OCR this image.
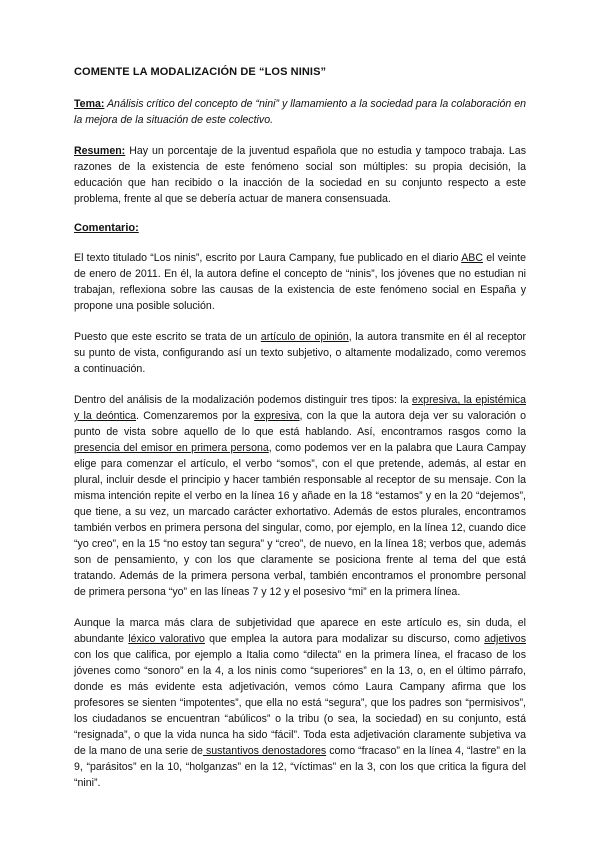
COMENTE LA MODALIZACIÓN DE “LOS NINIS”

Tema: Análisis crítico del concepto de “nini” y llamamiento a la sociedad para la colaboración en la mejora de la situación de este colectivo.

Resumen: Hay un porcentaje de la juventud española que no estudia y tampoco trabaja. Las razones de la existencia de este fenómeno social son múltiples: su propia decisión, la educación que han recibido o la inacción de la sociedad en su conjunto respecto a este problema, frente al que se debería actuar de manera consensuada.

Comentario:

El texto titulado “Los ninis”, escrito por Laura Campany, fue publicado en el diario ABC el veinte de enero de 2011. En él, la autora define el concepto de “ninis”, los jóvenes que no estudian ni trabajan, reflexiona sobre las causas de la existencia de este fenómeno social en España y propone una posible solución.

Puesto que este escrito se trata de un artículo de opinión, la autora transmite en él al receptor su punto de vista, configurando así un texto subjetivo, o altamente modalizado, como veremos a continuación.

Dentro del análisis de la modalización podemos distinguir tres tipos: la expresiva, la epistémica y la deóntica. Comenzaremos por la expresiva, con la que la autora deja ver su valoración o punto de vista sobre aquello de lo que está hablando. Así, encontramos rasgos como la presencia del emisor en primera persona, como podemos ver en la palabra que Laura Campay elige para comenzar el artículo, el verbo “somos”, con el que pretende, además, al estar en plural, incluir desde el principio y hacer también responsable al receptor de su mensaje. Con la misma intención repite el verbo en la línea 16 y añade en la 18 “estamos” y en la 20 “dejemos”, que tiene, a su vez, un marcado carácter exhortativo. Además de estos plurales, encontramos también verbos en primera persona del singular, como, por ejemplo, en la línea 12, cuando dice “yo creo”, en la 15 “no estoy tan segura” y “creo”, de nuevo, en la línea 18; verbos que, además son de pensamiento, y con los que claramente se posiciona frente al tema del que está tratando. Además de la primera persona verbal, también encontramos el pronombre personal de primera persona “yo” en las líneas 7 y 12 y el posesivo “mi” en la primera línea.

Aunque la marca más clara de subjetividad que aparece en este artículo es, sin duda, el abundante léxico valorativo que emplea la autora para modalizar su discurso, como adjetivos con los que califica, por ejemplo a Italia como “dilecta” en la primera línea, el fracaso de los jóvenes como “sonoro” en la 4, a los ninis como “superiores” en la 13, o, en el último párrafo, donde es más evidente esta adjetivación, vemos cómo Laura Campany afirma que los profesores se sienten “impotentes”, que ella no está “segura”, que los padres son “permisivos”, los ciudadanos se encuentran “abúlicos” o la tribu (o sea, la sociedad) en su conjunto, está “resignada”, o que la vida nunca ha sido “fácil”. Toda esta adjetivación claramente subjetiva va de la mano de una serie de sustantivos denostadores como “fracaso” en la línea 4, “lastre” en la 9, “parásitos” en la 10, “holganzas” en la 12, “víctimas” en la 3, con los que critica la figura del “nini”.
